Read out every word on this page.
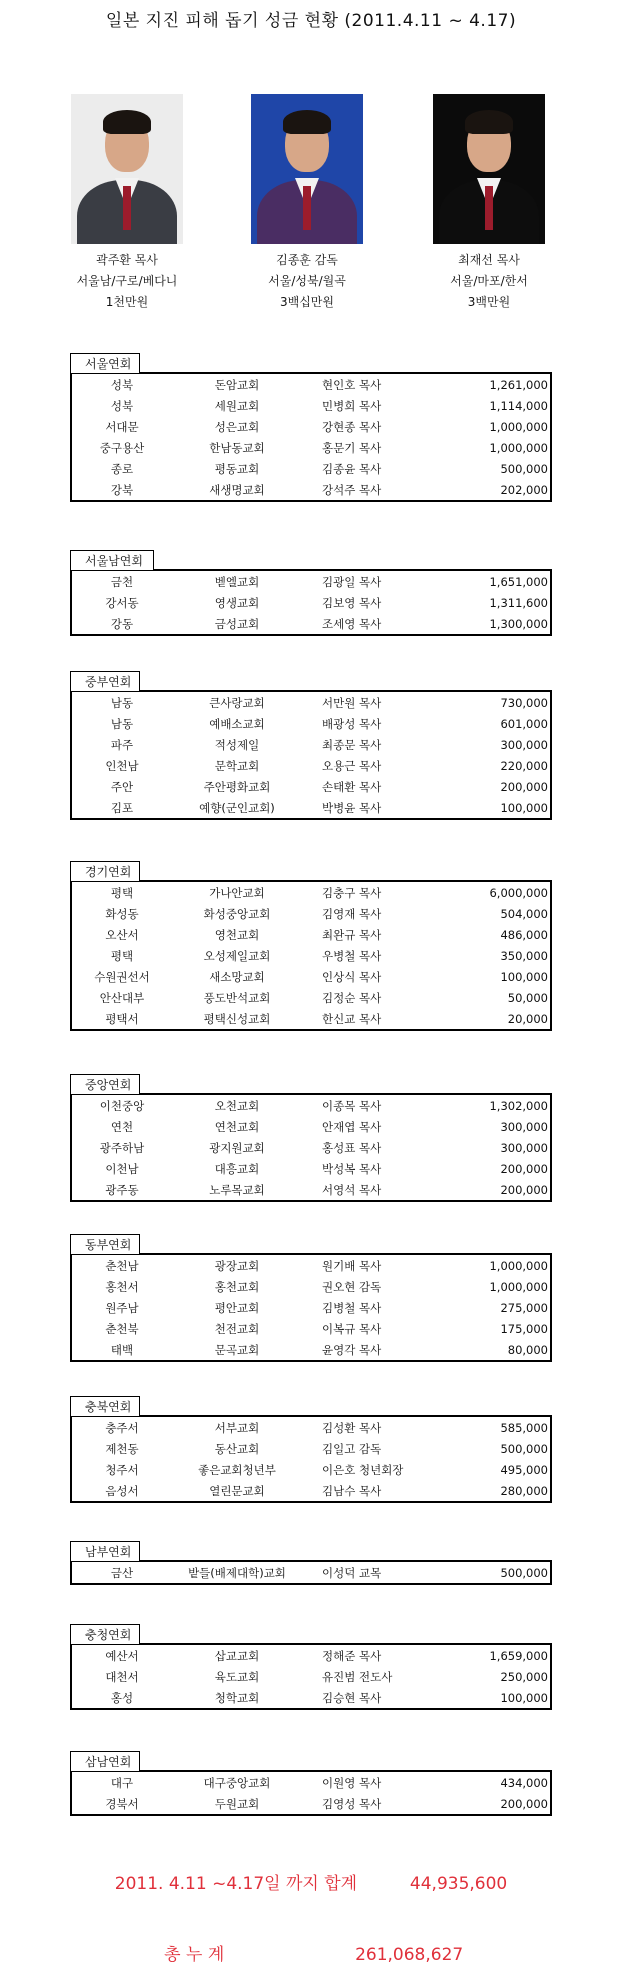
일본 지진 피해 돕기 성금 현황 (2011.4.11 ~ 4.17)
곽주환 목사
서울남/구로/베다니
1천만원
김종훈 감독
서울/성북/월곡
3백십만원
최재선 목사
서울/마포/한서
3백만원
서울연회
성북	돈암교회	현인호 목사	1,261,000
성북	세원교회	민병희 목사	1,114,000
서대문	성은교회	강현종 목사	1,000,000
중구용산	한남동교회	홍문기 목사	1,000,000
종로	평동교회	김종윤 목사	500,000
강북	새생명교회	강석주 목사	202,000
서울남연회
금천	벧엘교회	김광일 목사	1,651,000
강서동	영생교회	김보영 목사	1,311,600
강동	금성교회	조세영 목사	1,300,000
중부연회
남동	큰사랑교회	서만원 목사	730,000
남동	예배소교회	배광성 목사	601,000
파주	적성제일	최종문 목사	300,000
인천남	문학교회	오용근 목사	220,000
주안	주안평화교회	손태환 목사	200,000
김포	예향(군인교회)	박병윤 목사	100,000
경기연회
평택	가나안교회	김충구 목사	6,000,000
화성동	화성중앙교회	김영재 목사	504,000
오산서	영천교회	최완규 목사	486,000
평택	오성제일교회	우병철 목사	350,000
수원권선서	새소망교회	인상식 목사	100,000
안산대부	풍도반석교회	김정순 목사	50,000
평택서	평택신성교회	한신교 목사	20,000
중앙연회
이천중앙	오천교회	이종목 목사	1,302,000
연천	연천교회	안재엽 목사	300,000
광주하남	광지원교회	홍성표 목사	300,000
이천남	대흥교회	박성복 목사	200,000
광주동	노루목교회	서영석 목사	200,000
동부연회
춘천남	광장교회	원기배 목사	1,000,000
홍천서	홍천교회	권오현 감독	1,000,000
원주남	평안교회	김병철 목사	275,000
춘천북	천전교회	이복규 목사	175,000
태백	문곡교회	윤영각 목사	80,000
충북연회
충주서	서부교회	김성환 목사	585,000
제천동	동산교회	김일고 감독	500,000
청주서	좋은교회청년부	이은호 청년회장	495,000
음성서	열린문교회	김남수 목사	280,000
남부연회
금산	밭들(배제대학)교회	이성덕 교목	500,000
충청연회
예산서	삽교교회	정해준 목사	1,659,000
대천서	육도교회	유진범 전도사	250,000
홍성	청학교회	김승현 목사	100,000
삼남연회
대구	대구중앙교회	이원영 목사	434,000
경북서	두원교회	김영성 목사	200,000
2011. 4.11 ~4.17일 까지 합계	44,935,600
총 누 계	261,068,627
